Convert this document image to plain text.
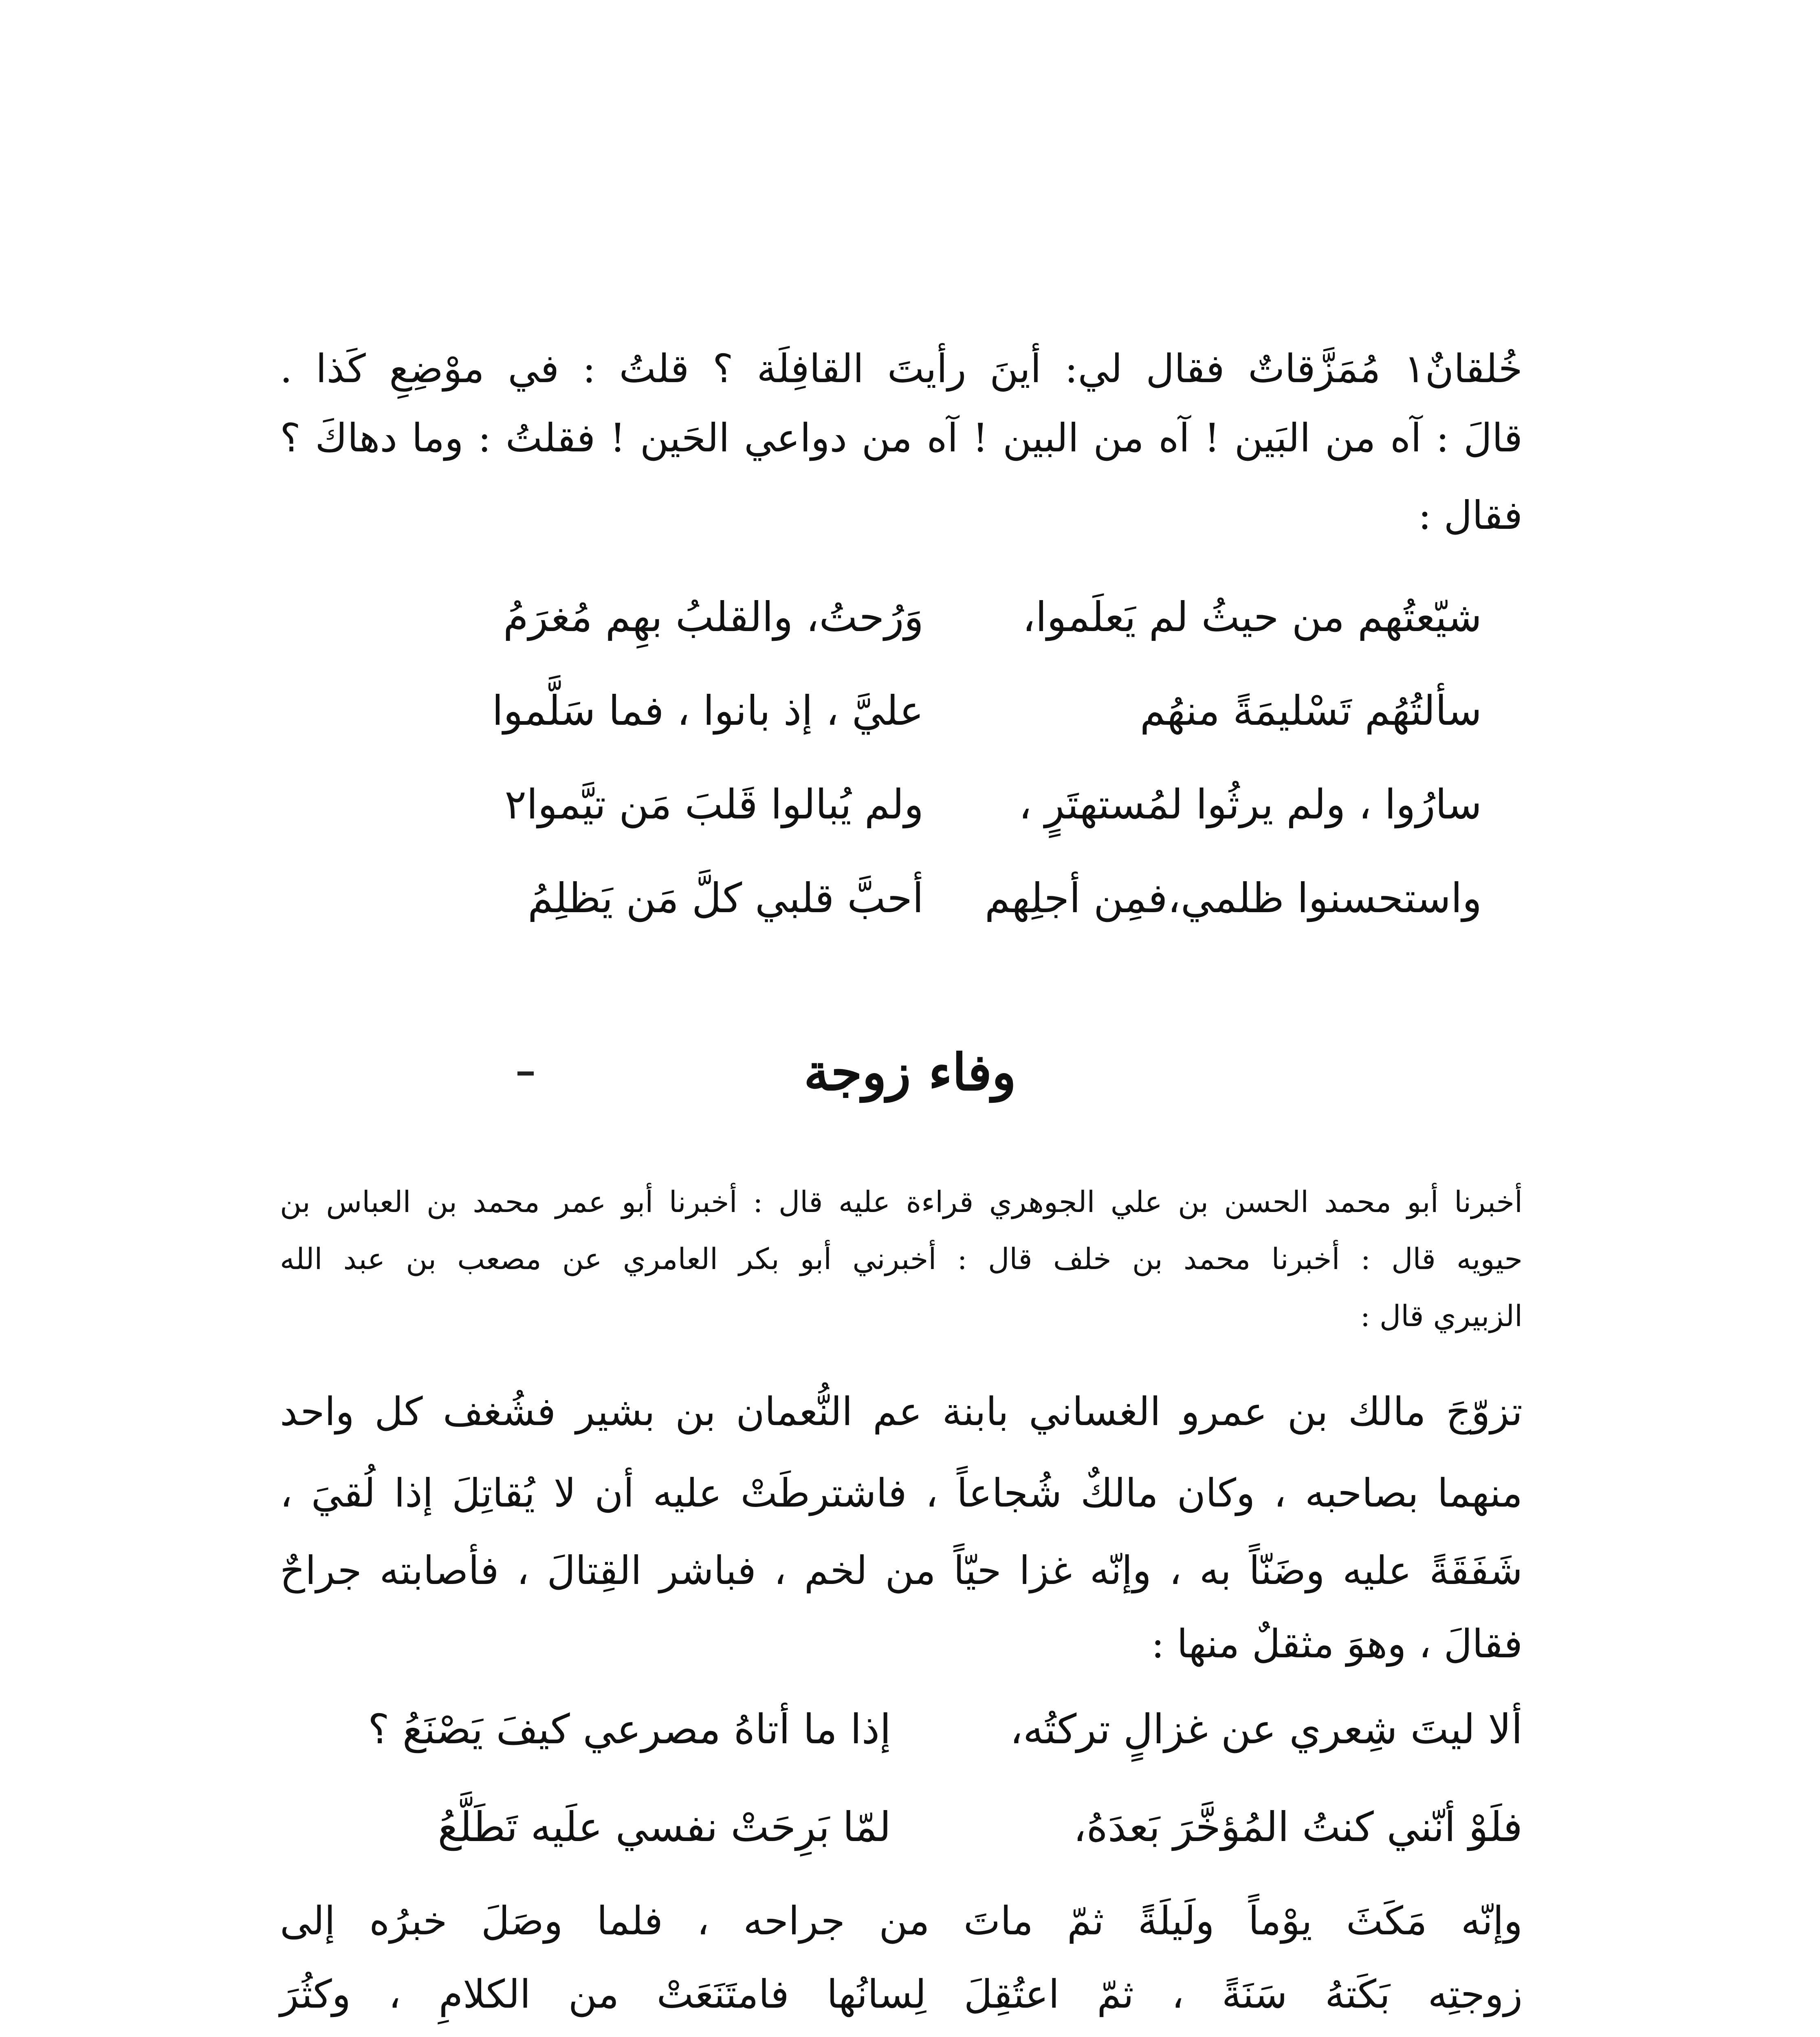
خُلقانٌ١ مُمَزَّقاتٌ فقال لي: أينَ رأيتَ القافِلَة ؟ قلتُ : في موْضِعِ كَذا .
قالَ : آه من البَين ! آه من البين ! آه من دواعي الحَين ! فقلتُ : وما دهاكَ ؟
فقال :
شيّعتُهم من حيثُ لم يَعلَموا،
وَرُحتُ، والقلبُ بهِم مُغرَمُ
سألتُهُم تَسْليمَةً منهُم
عليَّ ، إذ بانوا ، فما سَلَّموا
سارُوا ، ولم يرثُوا لمُستهتَرٍ ،
ولم يُبالوا قَلبَ مَن تيَّموا٢
واستحسنوا ظلمي،فمِن أجلِهم
أحبَّ قلبي كلَّ مَن يَظلِمُ
وفاء زوجة
أخبرنا أبو محمد الحسن بن علي الجوهري قراءة عليه قال : أخبرنا أبو عمر محمد بن العباس بن
حيويه قال : أخبرنا محمد بن خلف قال : أخبرني أبو بكر العامري عن مصعب بن عبد الله
الزبيري قال :
تزوّجَ مالك بن عمرو الغساني بابنة عم النُّعمان بن بشير فشُغف كل واحد
منهما بصاحبه ، وكان مالكٌ شُجاعاً ، فاشترطَتْ عليه أن لا يُقاتِلَ إذا لُقيَ ،
شَفَقَةً عليه وضَنّاً به ، وإنّه غزا حيّاً من لخم ، فباشر القِتالَ ، فأصابته جراحٌ
فقالَ ، وهوَ مثقلٌ منها :
ألا ليتَ شِعري عن غزالٍ تركتُه،
إذا ما أتاهُ مصرعي كيفَ يَصْنَعُ ؟
فلَوْ أنّني كنتُ المُؤخَّرَ بَعدَهُ،
لمّا بَرِحَتْ نفسي علَيه تَطَلَّعُ
وإنّه مَكَثَ يوْماً ولَيلَةً ثمّ ماتَ من جراحه ، فلما وصَلَ خبرُه إلى
زوجتِه بَكَتهُ سَنَةً ، ثمّ اعتُقِلَ لِسانُها فامتَنَعَتْ من الكلامِ ، وكثُرَ
